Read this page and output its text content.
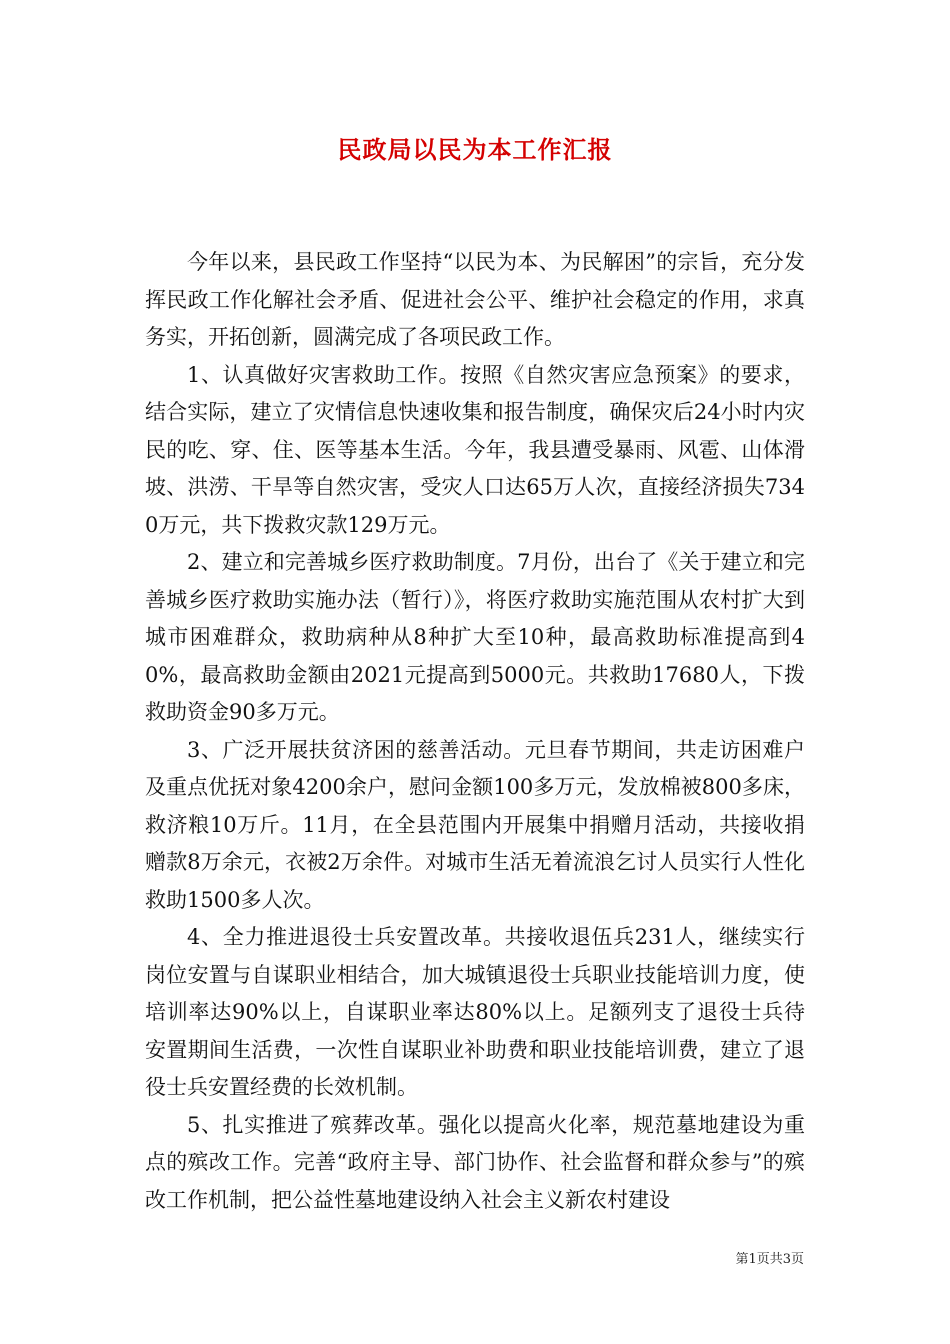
民政局以民为本工作汇报

今年以来，县民政工作坚持“以民为本、为民解困”的宗旨，充分发挥民政工作化解社会矛盾、促进社会公平、维护社会稳定的作用，求真务实，开拓创新，圆满完成了各项民政工作。

1、认真做好灾害救助工作。按照《自然灾害应急预案》的要求，结合实际，建立了灾情信息快速收集和报告制度，确保灾后24小时内灾民的吃、穿、住、医等基本生活。今年，我县遭受暴雨、风雹、山体滑坡、洪涝、干旱等自然灾害，受灾人口达65万人次，直接经济损失7340万元，共下拨救灾款129万元。

2、建立和完善城乡医疗救助制度。7月份，出台了《关于建立和完善城乡医疗救助实施办法（暂行）》，将医疗救助实施范围从农村扩大到城市困难群众，救助病种从8种扩大至10种，最高救助标准提高到40%，最高救助金额由2021元提高到5000元。共救助17680人，下拨救助资金90多万元。

3、广泛开展扶贫济困的慈善活动。元旦春节期间，共走访困难户及重点优抚对象4200余户，慰问金额100多万元，发放棉被800多床，救济粮10万斤。11月，在全县范围内开展集中捐赠月活动，共接收捐赠款8万余元，衣被2万余件。对城市生活无着流浪乞讨人员实行人性化救助1500多人次。

4、全力推进退役士兵安置改革。共接收退伍兵231人，继续实行岗位安置与自谋职业相结合，加大城镇退役士兵职业技能培训力度，使培训率达90%以上，自谋职业率达80%以上。足额列支了退役士兵待安置期间生活费，一次性自谋职业补助费和职业技能培训费，建立了退役士兵安置经费的长效机制。

5、扎实推进了殡葬改革。强化以提高火化率，规范墓地建设为重点的殡改工作。完善“政府主导、部门协作、社会监督和群众参与”的殡改工作机制，把公益性墓地建设纳入社会主义新农村建设

第1页共3页
